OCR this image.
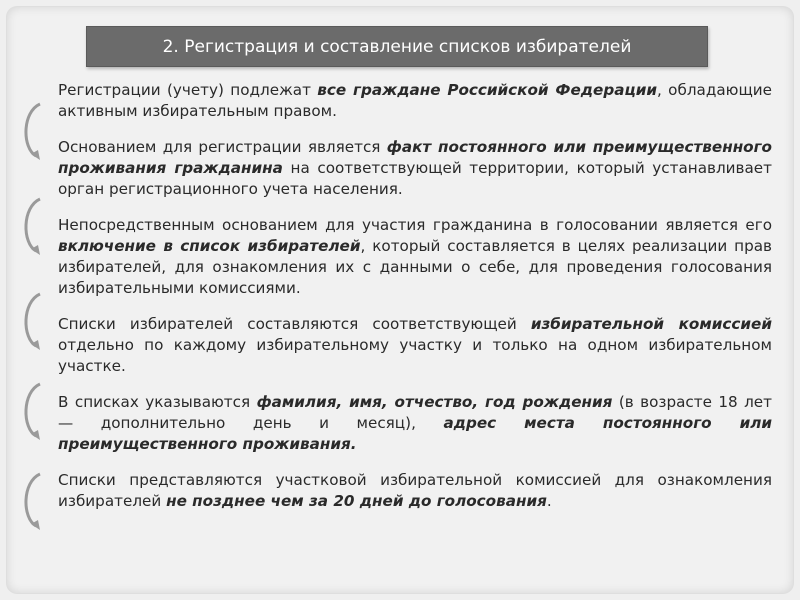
2. Регистрация и составление списков избирателей

Регистрации (учету) подлежат все граждане Российской Федерации, обладающие активным избирательным правом.

Основанием для регистрации является факт постоянного или преимущественного проживания гражданина на соответствующей территории, который устанавливает орган регистрационного учета населения.

Непосредственным основанием для участия гражданина в голосовании является его включение в список избирателей, который составляется в целях реализации прав избирателей, для ознакомления их с данными о себе, для проведения голосования избирательными комиссиями.

Списки избирателей составляются соответствующей избирательной комиссией отдельно по каждому избирательному участку и только на одном избирательном участке.

В списках указываются фамилия, имя, отчество, год рождения (в возрасте 18 лет — дополнительно день и месяц), адрес места постоянного или преимущественного проживания.

Списки представляются участковой избирательной комиссией для ознакомления избирателей не позднее чем за 20 дней до голосования.
